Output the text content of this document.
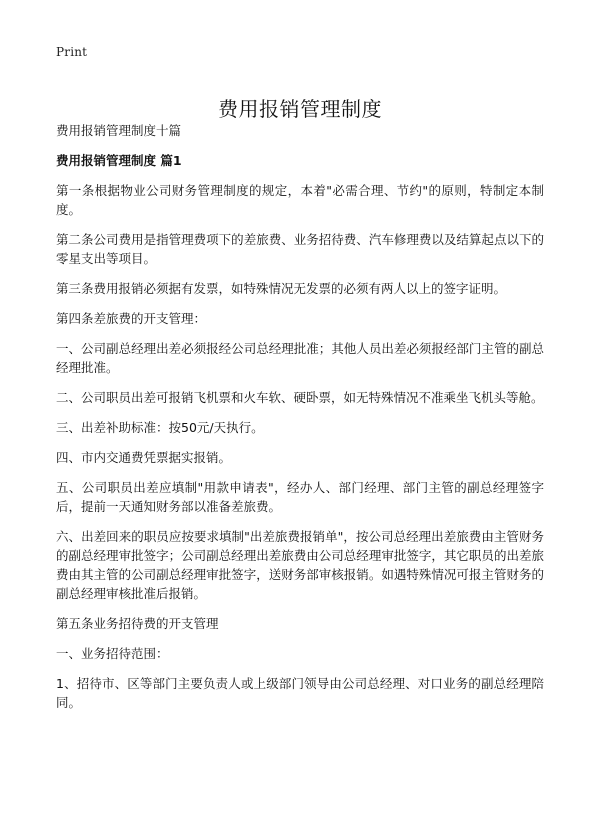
Print
费用报销管理制度

费用报销管理制度十篇

费用报销管理制度 篇1

第一条根据物业公司财务管理制度的规定，本着"必需合理、节约"的原则，特制定本制度。

第二条公司费用是指管理费项下的差旅费、业务招待费、汽车修理费以及结算起点以下的零星支出等项目。

第三条费用报销必须据有发票，如特殊情况无发票的必须有两人以上的签字证明。

第四条差旅费的开支管理：

一、公司副总经理出差必须报经公司总经理批准；其他人员出差必须报经部门主管的副总经理批准。

二、公司职员出差可报销飞机票和火车软、硬卧票，如无特殊情况不准乘坐飞机头等舱。

三、出差补助标准：按50元/天执行。

四、市内交通费凭票据实报销。

五、公司职员出差应填制"用款申请表"，经办人、部门经理、部门主管的副总经理签字后，提前一天通知财务部以准备差旅费。

六、出差回来的职员应按要求填制"出差旅费报销单"，按公司总经理出差旅费由主管财务的副总经理审批签字；公司副总经理出差旅费由公司总经理审批签字，其它职员的出差旅费由其主管的公司副总经理审批签字，送财务部审核报销。如遇特殊情况可报主管财务的副总经理审核批准后报销。

第五条业务招待费的开支管理

一、业务招待范围：

1、招待市、区等部门主要负责人或上级部门领导由公司总经理、对口业务的副总经理陪同。
